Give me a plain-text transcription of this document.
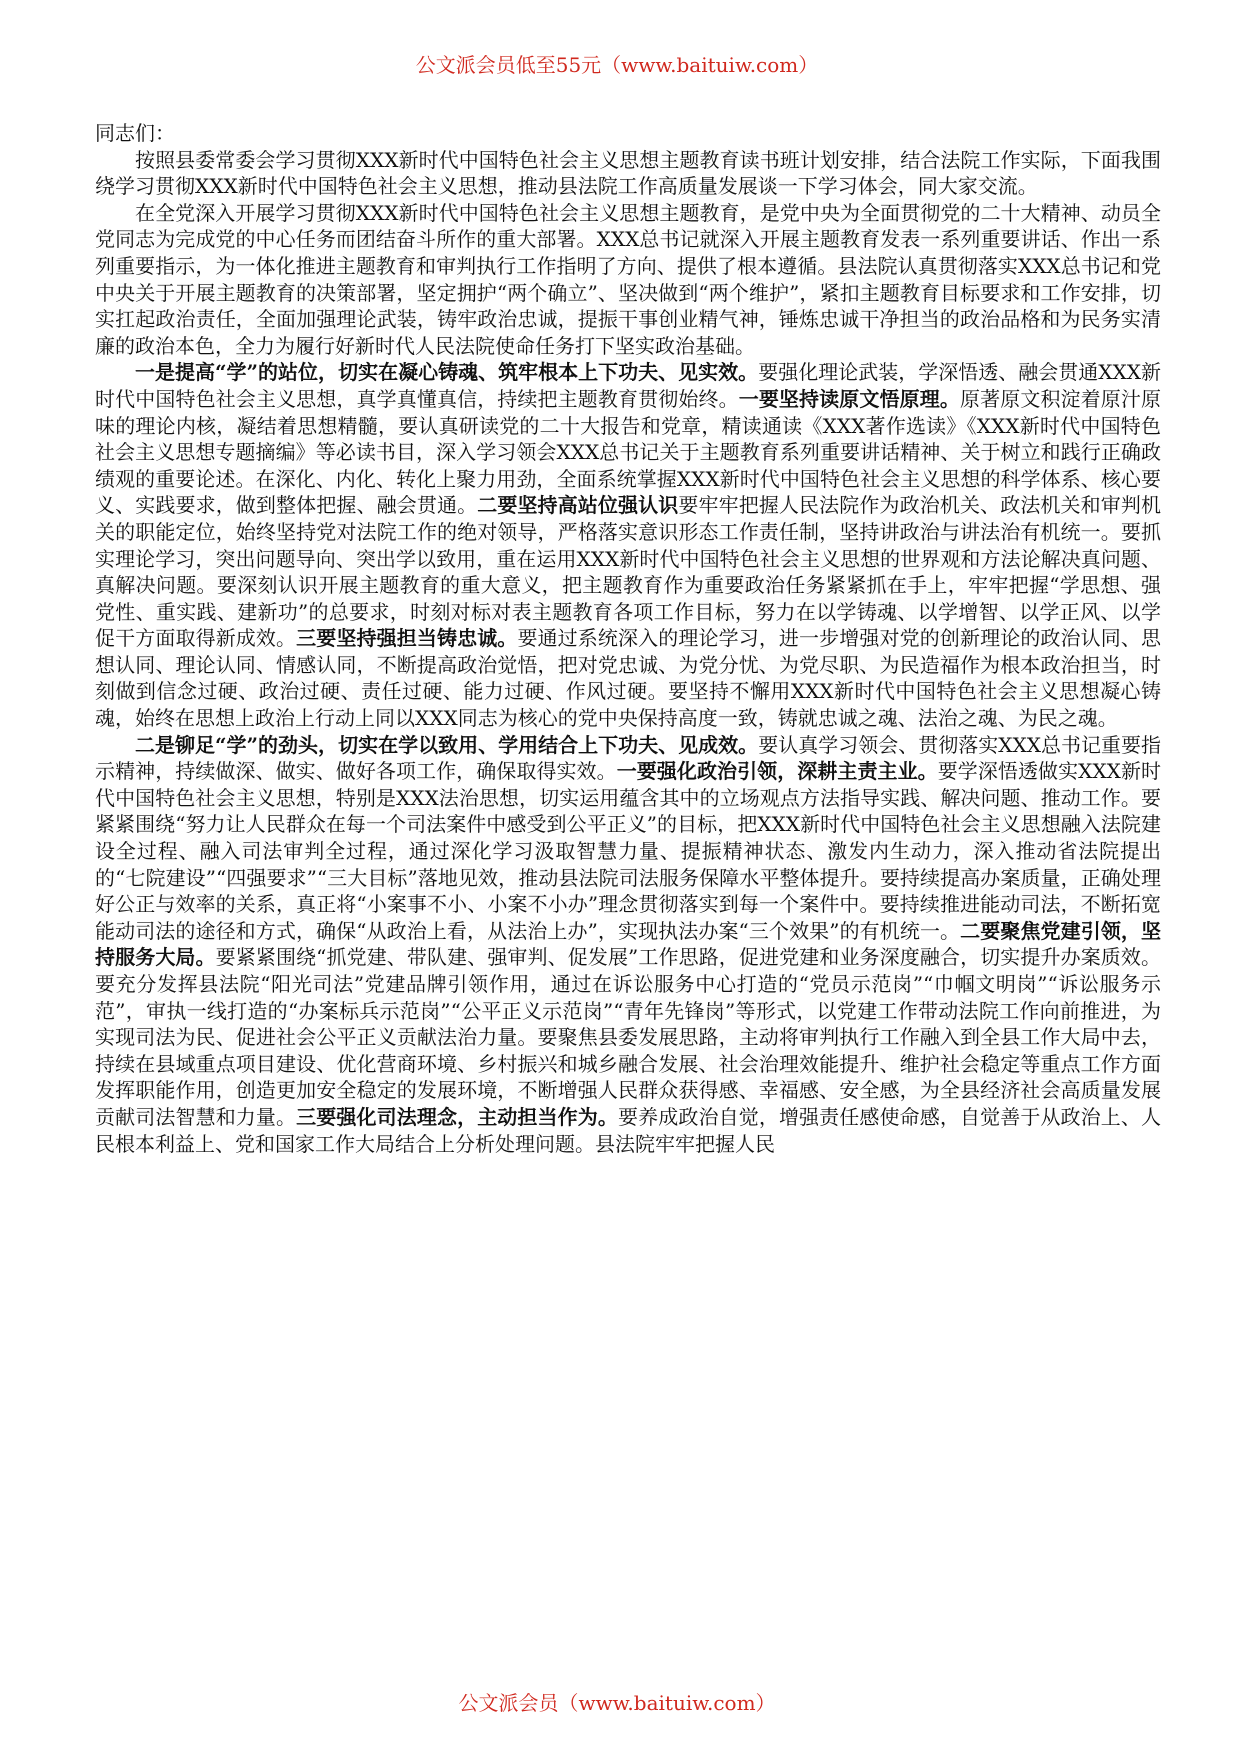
公文派会员低至55元（www.baituiw.com）

同志们：

按照县委常委会学习贯彻XXX新时代中国特色社会主义思想主题教育读书班计划安排，结合法院工作实际，下面我围绕学习贯彻XXX新时代中国特色社会主义思想，推动县法院工作高质量发展谈一下学习体会，同大家交流。

在全党深入开展学习贯彻XXX新时代中国特色社会主义思想主题教育，是党中央为全面贯彻党的二十大精神、动员全党同志为完成党的中心任务而团结奋斗所作的重大部署。XXX总书记就深入开展主题教育发表一系列重要讲话、作出一系列重要指示，为一体化推进主题教育和审判执行工作指明了方向、提供了根本遵循。县法院认真贯彻落实XXX总书记和党中央关于开展主题教育的决策部署，坚定拥护“两个确立”、坚决做到“两个维护”，紧扣主题教育目标要求和工作安排，切实扛起政治责任，全面加强理论武装，铸牢政治忠诚，提振干事创业精气神，锤炼忠诚干净担当的政治品格和为民务实清廉的政治本色，全力为履行好新时代人民法院使命任务打下坚实政治基础。

一是提高“学”的站位，切实在凝心铸魂、筑牢根本上下功夫、见实效。要强化理论武装，学深悟透、融会贯通XXX新时代中国特色社会主义思想，真学真懂真信，持续把主题教育贯彻始终。一要坚持读原文悟原理。原著原文积淀着原汁原味的理论内核，凝结着思想精髓，要认真研读党的二十大报告和党章，精读通读《XXX著作选读》《XXX新时代中国特色社会主义思想专题摘编》等必读书目，深入学习领会XXX总书记关于主题教育系列重要讲话精神、关于树立和践行正确政绩观的重要论述。在深化、内化、转化上聚力用劲，全面系统掌握XXX新时代中国特色社会主义思想的科学体系、核心要义、实践要求，做到整体把握、融会贯通。二要坚持高站位强认识要牢牢把握人民法院作为政治机关、政法机关和审判机关的职能定位，始终坚持党对法院工作的绝对领导，严格落实意识形态工作责任制，坚持讲政治与讲法治有机统一。要抓实理论学习，突出问题导向、突出学以致用，重在运用XXX新时代中国特色社会主义思想的世界观和方法论解决真问题、真解决问题。要深刻认识开展主题教育的重大意义，把主题教育作为重要政治任务紧紧抓在手上，牢牢把握“学思想、强党性、重实践、建新功”的总要求，时刻对标对表主题教育各项工作目标，努力在以学铸魂、以学增智、以学正风、以学促干方面取得新成效。三要坚持强担当铸忠诚。要通过系统深入的理论学习，进一步增强对党的创新理论的政治认同、思想认同、理论认同、情感认同，不断提高政治觉悟，把对党忠诚、为党分忧、为党尽职、为民造福作为根本政治担当，时刻做到信念过硬、政治过硬、责任过硬、能力过硬、作风过硬。要坚持不懈用XXX新时代中国特色社会主义思想凝心铸魂，始终在思想上政治上行动上同以XXX同志为核心的党中央保持高度一致，铸就忠诚之魂、法治之魂、为民之魂。

二是铆足“学”的劲头，切实在学以致用、学用结合上下功夫、见成效。要认真学习领会、贯彻落实XXX总书记重要指示精神，持续做深、做实、做好各项工作，确保取得实效。一要强化政治引领，深耕主责主业。要学深悟透做实XXX新时代中国特色社会主义思想，特别是XXX法治思想，切实运用蕴含其中的立场观点方法指导实践、解决问题、推动工作。要紧紧围绕“努力让人民群众在每一个司法案件中感受到公平正义”的目标，把XXX新时代中国特色社会主义思想融入法院建设全过程、融入司法审判全过程，通过深化学习汲取智慧力量、提振精神状态、激发内生动力，深入推动省法院提出的“七院建设”“四强要求”“三大目标”落地见效，推动县法院司法服务保障水平整体提升。要持续提高办案质量，正确处理好公正与效率的关系，真正将“小案事不小、小案不小办”理念贯彻落实到每一个案件中。要持续推进能动司法，不断拓宽能动司法的途径和方式，确保“从政治上看，从法治上办”，实现执法办案“三个效果”的有机统一。二要聚焦党建引领，坚持服务大局。要紧紧围绕“抓党建、带队建、强审判、促发展”工作思路，促进党建和业务深度融合，切实提升办案质效。要充分发挥县法院“阳光司法”党建品牌引领作用，通过在诉讼服务中心打造的“党员示范岗”“巾帼文明岗”“诉讼服务示范”，审执一线打造的“办案标兵示范岗”“公平正义示范岗”“青年先锋岗”等形式，以党建工作带动法院工作向前推进，为实现司法为民、促进社会公平正义贡献法治力量。要聚焦县委发展思路，主动将审判执行工作融入到全县工作大局中去，持续在县域重点项目建设、优化营商环境、乡村振兴和城乡融合发展、社会治理效能提升、维护社会稳定等重点工作方面发挥职能作用，创造更加安全稳定的发展环境，不断增强人民群众获得感、幸福感、安全感，为全县经济社会高质量发展贡献司法智慧和力量。三要强化司法理念，主动担当作为。要养成政治自觉，增强责任感使命感，自觉善于从政治上、人民根本利益上、党和国家工作大局结合上分析处理问题。县法院牢牢把握人民

公文派会员（www.baituiw.com）
